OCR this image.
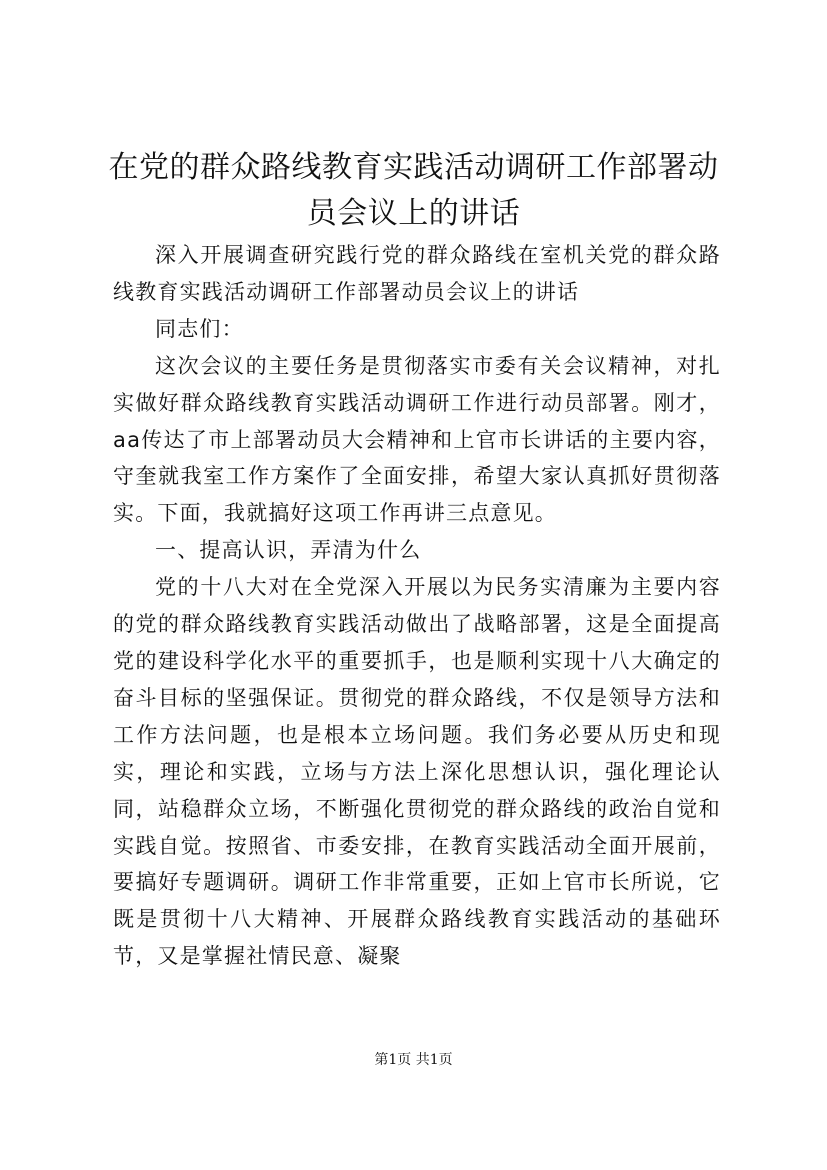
在党的群众路线教育实践活动调研工作部署动员会议上的讲话

深入开展调查研究践行党的群众路线在室机关党的群众路线教育实践活动调研工作部署动员会议上的讲话

同志们：

这次会议的主要任务是贯彻落实市委有关会议精神，对扎实做好群众路线教育实践活动调研工作进行动员部署。刚才，aa传达了市上部署动员大会精神和上官市长讲话的主要内容，守奎就我室工作方案作了全面安排，希望大家认真抓好贯彻落实。下面，我就搞好这项工作再讲三点意见。

一、提高认识，弄清为什么

党的十八大对在全党深入开展以为民务实清廉为主要内容的党的群众路线教育实践活动做出了战略部署，这是全面提高党的建设科学化水平的重要抓手，也是顺利实现十八大确定的奋斗目标的坚强保证。贯彻党的群众路线，不仅是领导方法和工作方法问题，也是根本立场问题。我们务必要从历史和现实，理论和实践，立场与方法上深化思想认识，强化理论认同，站稳群众立场，不断强化贯彻党的群众路线的政治自觉和实践自觉。按照省、市委安排，在教育实践活动全面开展前，要搞好专题调研。调研工作非常重要，正如上官市长所说，它既是贯彻十八大精神、开展群众路线教育实践活动的基础环节，又是掌握社情民意、凝聚

第1页 共1页
